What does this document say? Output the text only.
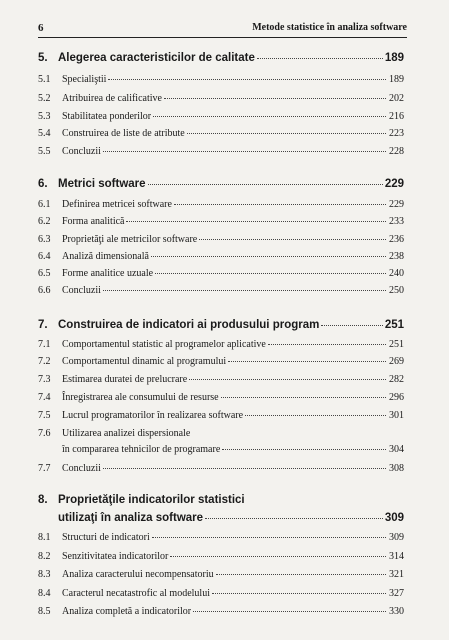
6	Metode statistice în analiza software
5. Alegerea caracteristicilor de calitate	189
5.1	Specialiştii	189
5.2	Atribuirea de calificative	202
5.3	Stabilitatea ponderilor	216
5.4	Construirea de liste de atribute	223
5.5	Concluzii	228
6. Metrici software	229
6.1	Definirea metricei software	229
6.2	Forma analitică	233
6.3	Proprietăţi ale metricilor software	236
6.4	Analiză dimensională	238
6.5	Forme analitice uzuale	240
6.6	Concluzii	250
7. Construirea de indicatori ai produsului program	251
7.1	Comportamentul statistic al programelor aplicative	251
7.2	Comportamentul dinamic al programului	269
7.3	Estimarea duratei de prelucrare	282
7.4	Înregistrarea ale consumului de resurse	296
7.5	Lucrul programatorilor în realizarea software	301
7.6	Utilizarea analizei dispersionale
în compararea tehnicilor de programare	304
7.7	Concluzii	308
8. Proprietăţile indicatorilor statistici
utilizaţi în analiza software	309
8.1	Structuri de indicatori	309
8.2	Senzitivitatea indicatorilor	314
8.3	Analiza caracterului necompensatoriu	321
8.4	Caracterul necatastrofic al modelului	327
8.5	Analiza completă a indicatorilor	330
